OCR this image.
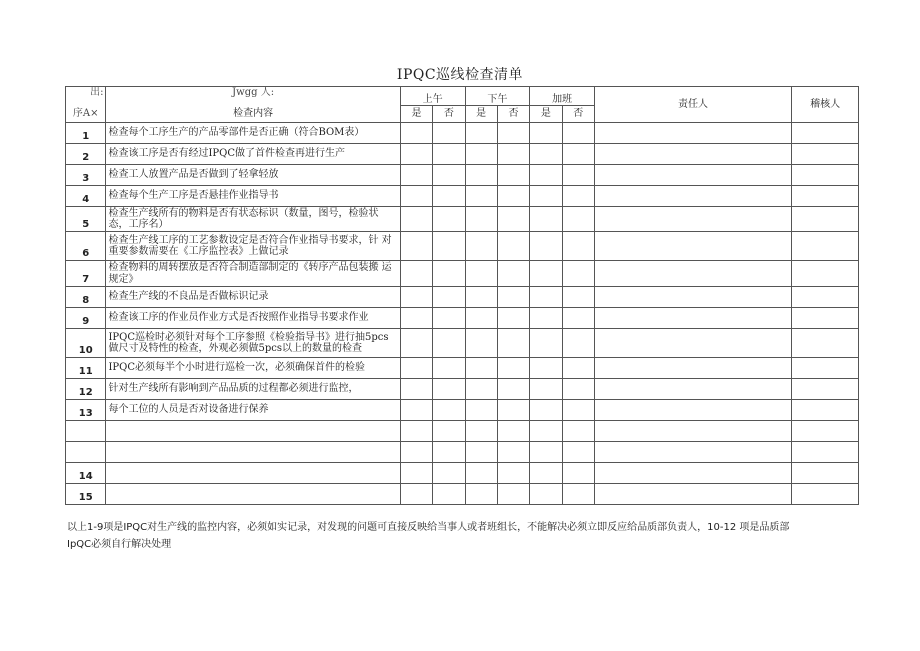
IPQC巡线检查清单
出:	Jwgg 人:	上午		下午		加班		责任人	稽核人
序A×	检查内容	是	否	是	否	是	否		
1	检查每个工序生产的产品零部件是否正确（符合BOM表）								
2	检查该工序是否有经过IPQC做了首件检查再进行生产								
3	检查工人放置产品是否做到了轻拿轻放								
4	检查每个生产工序是否悬挂作业指导书								
5	检查生产线所有的物料是否有状态标识（数量，图号，检验状 态，工序名）								
6	检查生产线工序的工艺参数设定是否符合作业指导书要求，针 对重要参数需要在《工序监控表》上做记录								
7	检查物料的周转摆放是否符合制造部制定的《转序产品包装搬 运规定》								
8	检查生产线的不良品是否做标识记录								
9	检查该工序的作业员作业方式是否按照作业指导书要求作业								
10	IPQC巡检时必须针对每个工序参照《检验指导书》进行抽5pcs 做尺寸及特性的检查，外观必须做5pcs以上的数量的检查								
11	IPQC必须每半个小时进行巡检一次，必须确保首件的检验								
12	针对生产线所有影响到产品品质的过程都必须进行监控，								
13	每个工位的人员是否对设备进行保养								

14									
15									
以上1-9项是IPQC对生产线的监控内容，必须如实记录，对发现的问题可直接反映给当事人或者班组长，不能解决必须立即反应给品质部负责人，10-12 项是品质部
IpQC必须自行解决处理
